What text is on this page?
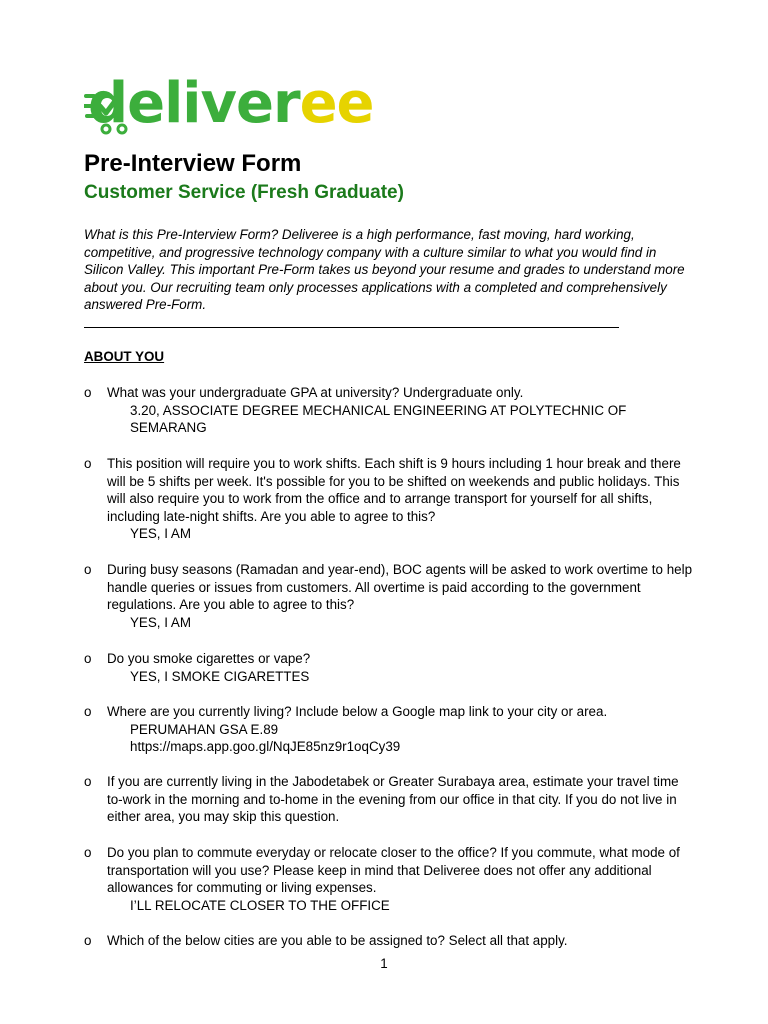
deliveree
Pre-Interview Form
Customer Service (Fresh Graduate)

What is this Pre-Interview Form? Deliveree is a high performance, fast moving, hard working, competitive, and progressive technology company with a culture similar to what you would find in Silicon Valley. This important Pre-Form takes us beyond your resume and grades to understand more about you. Our recruiting team only processes applications with a completed and comprehensively answered Pre-Form.

ABOUT YOU
o What was your undergraduate GPA at university? Undergraduate only.
3.20, ASSOCIATE DEGREE MECHANICAL ENGINEERING AT POLYTECHNIC OF SEMARANG
o This position will require you to work shifts. Each shift is 9 hours including 1 hour break and there will be 5 shifts per week. It's possible for you to be shifted on weekends and public holidays. This will also require you to work from the office and to arrange transport for yourself for all shifts, including late-night shifts. Are you able to agree to this?
YES, I AM
o During busy seasons (Ramadan and year-end), BOC agents will be asked to work overtime to help handle queries or issues from customers. All overtime is paid according to the government regulations. Are you able to agree to this?
YES, I AM
o Do you smoke cigarettes or vape?
YES, I SMOKE CIGARETTES
o Where are you currently living? Include below a Google map link to your city or area.
PERUMAHAN GSA E.89
https://maps.app.goo.gl/NqJE85nz9r1oqCy39
o If you are currently living in the Jabodetabek or Greater Surabaya area, estimate your travel time to-work in the morning and to-home in the evening from our office in that city. If you do not live in either area, you may skip this question.
o Do you plan to commute everyday or relocate closer to the office? If you commute, what mode of transportation will you use? Please keep in mind that Deliveree does not offer any additional allowances for commuting or living expenses.
I’LL RELOCATE CLOSER TO THE OFFICE
o Which of the below cities are you able to be assigned to? Select all that apply.
1
